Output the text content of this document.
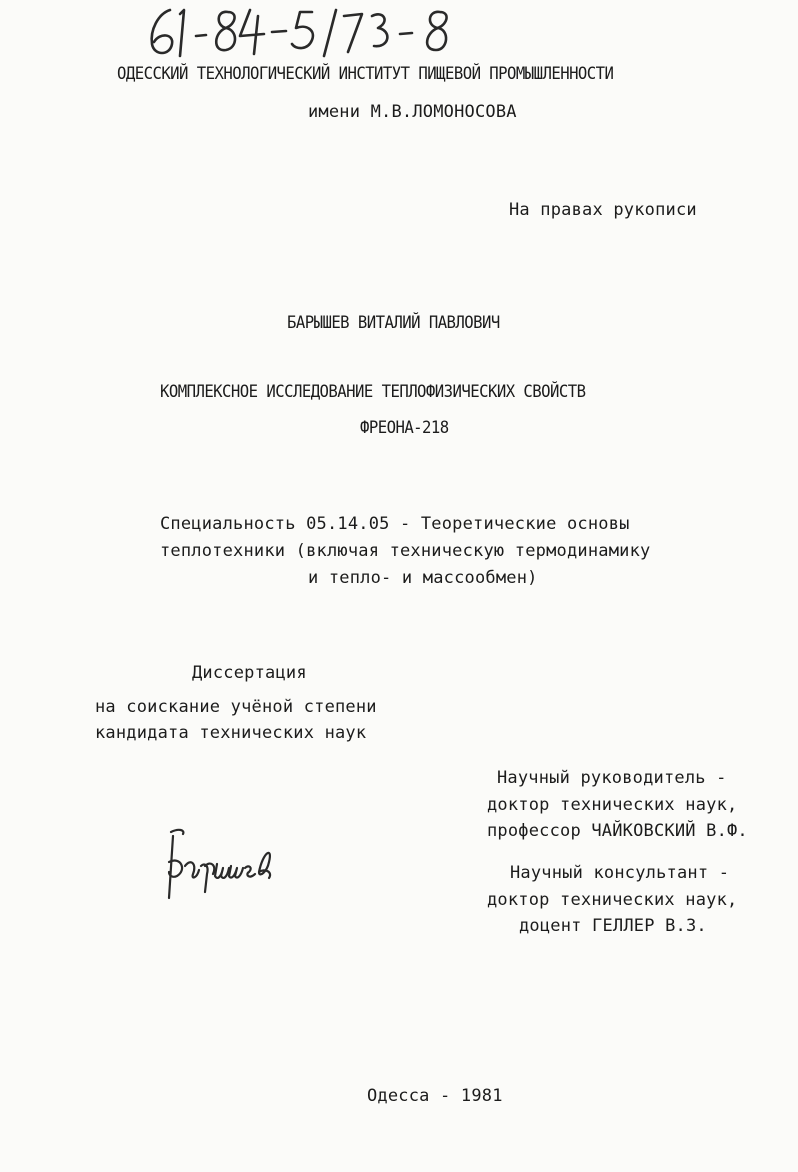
ОДЕССКИЙ ТЕХНОЛОГИЧЕСКИЙ ИНСТИТУТ ПИЩЕВОЙ ПРОМЫШЛЕННОСТИ
имени М.В.ЛОМОНОСОВА
На правах рукописи
БАРЫШЕВ ВИТАЛИЙ ПАВЛОВИЧ
КОМПЛЕКСНОЕ ИССЛЕДОВАНИЕ ТЕПЛОФИЗИЧЕСКИХ СВОЙСТВ
ФРЕОНА-218
Специальность 05.14.05 - Теоретические основы
теплотехники (включая техническую термодинамику
и тепло- и массообмен)
Диссертация
на соискание учёной степени
кандидата технических наук
Научный руководитель -
доктор технических наук,
профессор ЧАЙКОВСКИЙ В.Ф.
Научный консультант -
доктор технических наук,
доцент ГЕЛЛЕР В.З.
Одесса - 1981
